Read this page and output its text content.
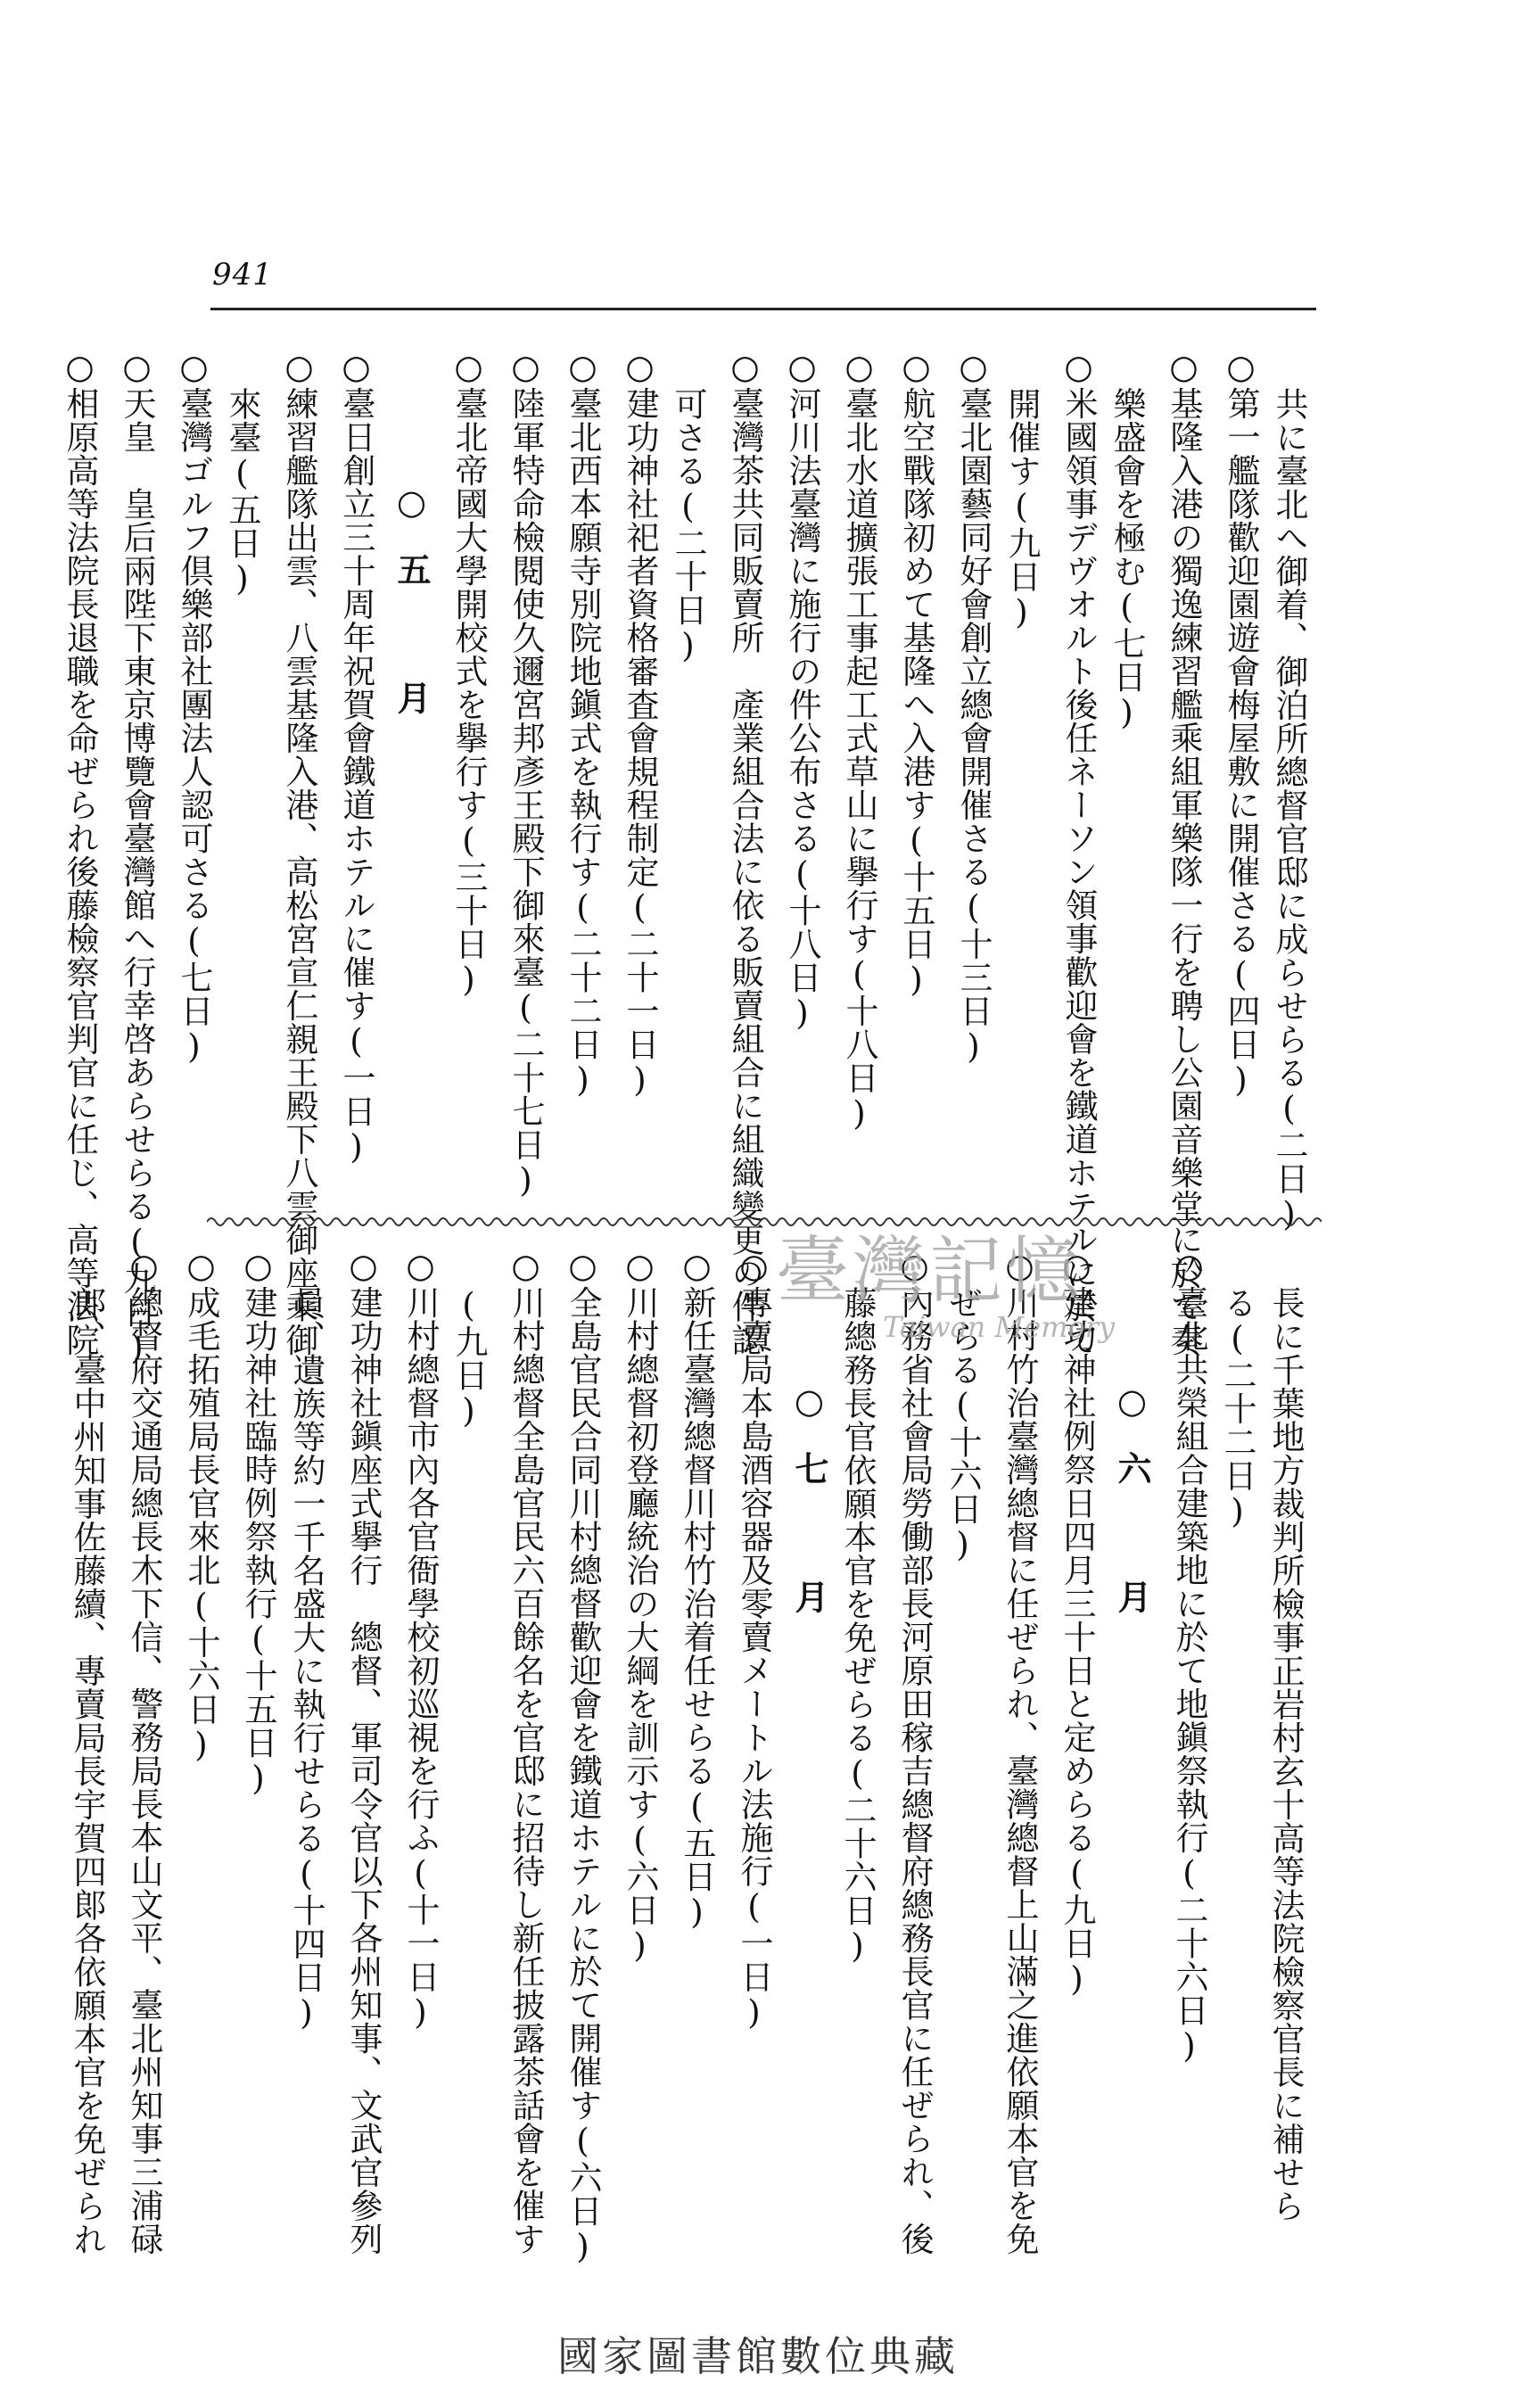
941
共に臺北へ御着、御泊所總督官邸に成らせらる(二日)
○第一艦隊歡迎園遊會梅屋敷に開催さる(四日)
○基隆入港の獨逸練習艦乘組軍樂隊一行を聘し公園音樂堂に於て奏
樂盛會を極む(七日)
○米國領事デヴオルト後任ネーソン領事歡迎會を鐵道ホテルに於て
開催す(九日)
○臺北園藝同好會創立總會開催さる(十三日)
○航空戰隊初めて基隆へ入港す(十五日)
○臺北水道擴張工事起工式草山に擧行す(十八日)
○河川法臺灣に施行の件公布さる(十八日)
○臺灣茶共同販賣所　產業組合法に依る販賣組合に組織變更の件認
可さる(二十日)
○建功神社祀者資格審査會規程制定(二十一日)
○臺北西本願寺別院地鎭式を執行す(二十二日)
○陸軍特命檢閱使久邇宮邦彥王殿下御來臺(二十七日)
○臺北帝國大學開校式を擧行す(三十日)
○五　月
○臺日創立三十周年祝賀會鐵道ホテルに催す(一日)
○練習艦隊出雲、八雲基隆入港、高松宮宣仁親王殿下八雲御座乘御
來臺(五日)
○臺灣ゴルフ倶樂部社團法人認可さる(七日)
○天皇　皇后兩陛下東京博覽會臺灣館へ行幸啓あらせらる(九日)
○相原高等法院長退職を命ぜられ後藤檢察官判官に任じ、高等法院
長に千葉地方裁判所檢事正岩村玄十高等法院檢察官長に補せら
る(二十二日)
○臺北共榮組合建築地に於て地鎭祭執行(二十六日)
○六　月
○建功神社例祭日四月三十日と定めらる(九日)
○川村竹治臺灣總督に任ぜられ、臺灣總督上山滿之進依願本官を免
ぜらる(十六日)
○內務省社會局勞働部長河原田稼吉總督府總務長官に任ぜられ、後
藤總務長官依願本官を免ぜらる(二十六日)
○七　月
○專賣局本島酒容器及零賣メートル法施行(一日)
○新任臺灣總督川村竹治着任せらる(五日)
○川村總督初登廳統治の大綱を訓示す(六日)
○全島官民合同川村總督歡迎會を鐵道ホテルに於て開催す(六日)
○川村總督全島官民六百餘名を官邸に招待し新任披露茶話會を催す
(九日)
○川村總督市內各官衙學校初巡視を行ふ(十一日)
○建功神社鎭座式擧行　總督、軍司令官以下各州知事、文武官參列
員、遺族等約一千名盛大に執行せらる(十四日)
○建功神社臨時例祭執行(十五日)
○成毛拓殖局長官來北(十六日)
○總督府交通局總長木下信、警務局長本山文平、臺北州知事三浦碌
郞、臺中州知事佐藤續、專賣局長宇賀四郞各依願本官を免ぜられ
臺灣記憶
Taiwan Memory
國家圖書館數位典藏
